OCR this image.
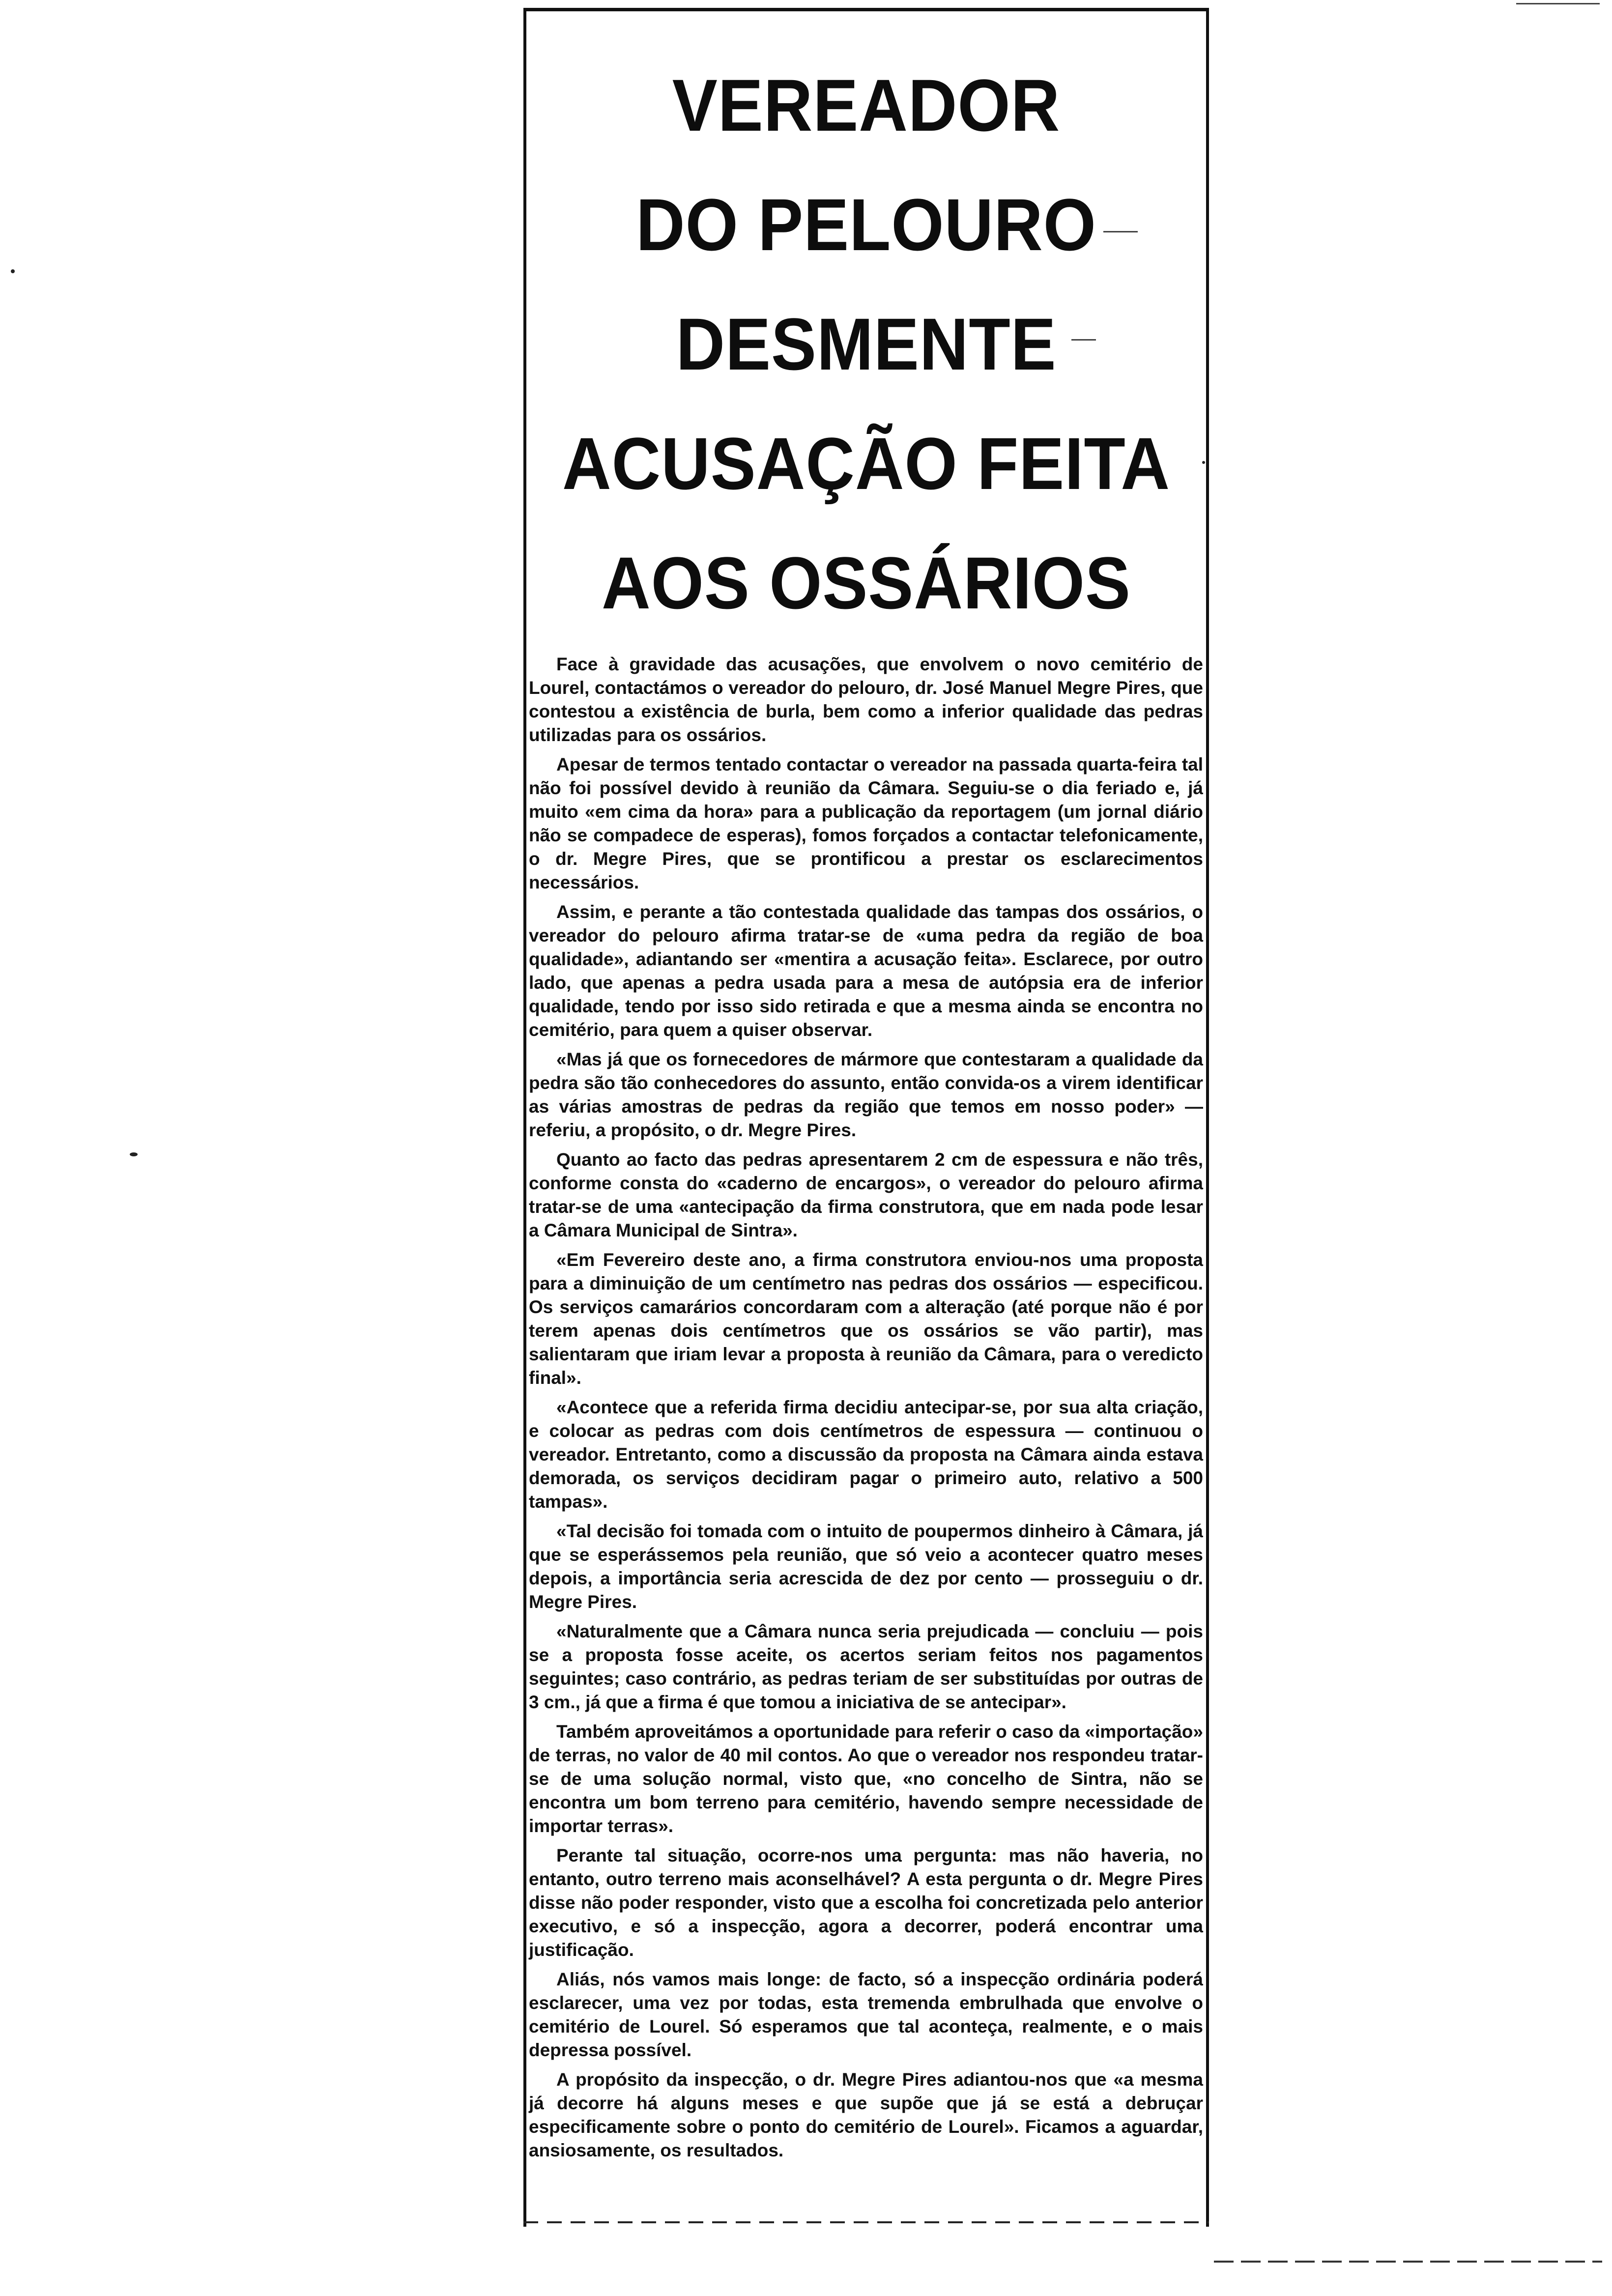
VEREADOR
DO PELOURO
DESMENTE
ACUSAÇÃO FEITA
AOS OSSÁRIOS

Face à gravidade das acusações, que envolvem o novo cemitério de Lourel, contactámos o vereador do pelouro, dr. José Manuel Megre Pires, que contestou a existência de burla, bem como a inferior qualidade das pedras utilizadas para os ossários.

Apesar de termos tentado contactar o vereador na passada quarta-feira tal não foi possível devido à reunião da Câmara. Seguiu-se o dia feriado e, já muito «em cima da hora» para a publicação da reportagem (um jornal diário não se compadece de esperas), fomos forçados a contactar telefonicamente, o dr. Megre Pires, que se prontificou a prestar os esclarecimentos necessários.

Assim, e perante a tão contestada qualidade das tampas dos ossários, o vereador do pelouro afirma tratar-se de «uma pedra da região de boa qualidade», adiantando ser «mentira a acusação feita». Esclarece, por outro lado, que apenas a pedra usada para a mesa de autópsia era de inferior qualidade, tendo por isso sido retirada e que a mesma ainda se encontra no cemitério, para quem a quiser observar.

«Mas já que os fornecedores de mármore que contestaram a qualidade da pedra são tão conhecedores do assunto, então convida-os a virem identificar as várias amostras de pedras da região que temos em nosso poder» — referiu, a propósito, o dr. Megre Pires.

Quanto ao facto das pedras apresentarem 2 cm de espessura e não três, conforme consta do «caderno de encargos», o vereador do pelouro afirma tratar-se de uma «antecipação da firma construtora, que em nada pode lesar a Câmara Municipal de Sintra».

«Em Fevereiro deste ano, a firma construtora enviou-nos uma proposta para a diminuição de um centímetro nas pedras dos ossários — especificou. Os serviços camarários concordaram com a alteração (até porque não é por terem apenas dois centímetros que os ossários se vão partir), mas salientaram que iriam levar a proposta à reunião da Câmara, para o veredicto final».

«Acontece que a referida firma decidiu antecipar-se, por sua alta criação, e colocar as pedras com dois centímetros de espessura — continuou o vereador. Entretanto, como a discussão da proposta na Câmara ainda estava demorada, os serviços decidiram pagar o primeiro auto, relativo a 500 tampas».

«Tal decisão foi tomada com o intuito de poupermos dinheiro à Câmara, já que se esperássemos pela reunião, que só veio a acontecer quatro meses depois, a importância seria acrescida de dez por cento — prosseguiu o dr. Megre Pires.

«Naturalmente que a Câmara nunca seria prejudicada — concluiu — pois se a proposta fosse aceite, os acertos seriam feitos nos pagamentos seguintes; caso contrário, as pedras teriam de ser substituídas por outras de 3 cm., já que a firma é que tomou a iniciativa de se antecipar».

Também aproveitámos a oportunidade para referir o caso da «importação» de terras, no valor de 40 mil contos. Ao que o vereador nos respondeu tratar-se de uma solução normal, visto que, «no concelho de Sintra, não se encontra um bom terreno para cemitério, havendo sempre necessidade de importar terras».

Perante tal situação, ocorre-nos uma pergunta: mas não haveria, no entanto, outro terreno mais aconselhável? A esta pergunta o dr. Megre Pires disse não poder responder, visto que a escolha foi concretizada pelo anterior executivo, e só a inspecção, agora a decorrer, poderá encontrar uma justificação.

Aliás, nós vamos mais longe: de facto, só a inspecção ordinária poderá esclarecer, uma vez por todas, esta tremenda embrulhada que envolve o cemitério de Lourel. Só esperamos que tal aconteça, realmente, e o mais depressa possível.

A propósito da inspecção, o dr. Megre Pires adiantou-nos que «a mesma já decorre há alguns meses e que supõe que já se está a debruçar especificamente sobre o ponto do cemitério de Lourel». Ficamos a aguardar, ansiosamente, os resultados.
